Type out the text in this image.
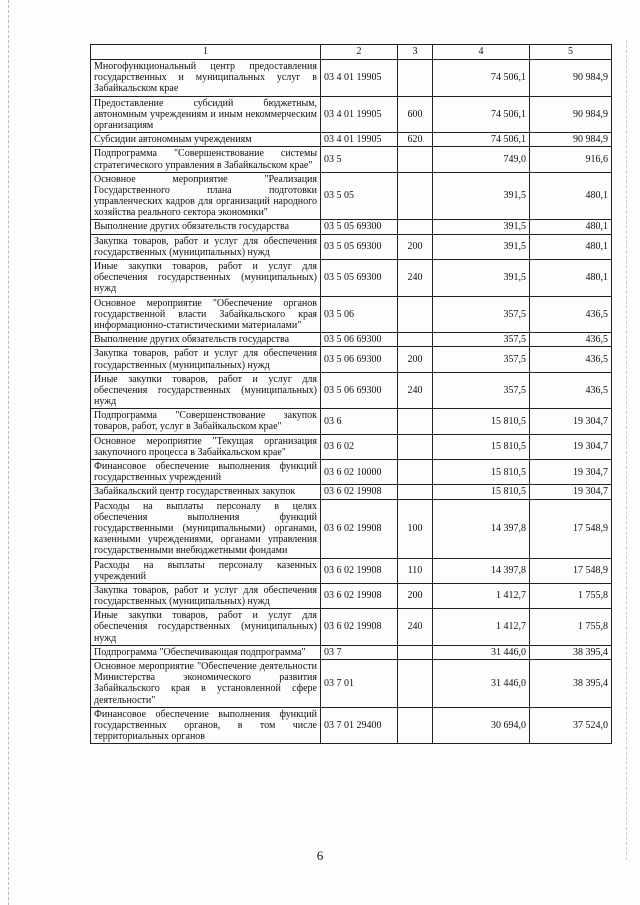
1	2	3	4	5
Многофункциональный центр предоставления государственных и муниципальных услуг в Забайкальском крае	03 4 01 19905		74 506,1	90 984,9
Предоставление субсидий бюджетным, автономным учреждениям и иным некоммерческим организациям	03 4 01 19905	600	74 506,1	90 984,9
Субсидии автономным учреждениям	03 4 01 19905	620	74 506,1	90 984,9
Подпрограмма "Совершенствование системы стратегического управления в Забайкальском крае"	03 5		749,0	916,6
Основное мероприятие "Реализация Государственного плана подготовки управленческих кадров для организаций народного хозяйства реального сектора экономики"	03 5 05		391,5	480,1
Выполнение других обязательств государства	03 5 05 69300		391,5	480,1
Закупка товаров, работ и услуг для обеспечения государственных (муниципальных) нужд	03 5 05 69300	200	391,5	480,1
Иные закупки товаров, работ и услуг для обеспечения государственных (муниципальных) нужд	03 5 05 69300	240	391,5	480,1
Основное мероприятие "Обеспечение органов государственной власти Забайкальского края информационно-статистическими материалами"	03 5 06		357,5	436,5
Выполнение других обязательств государства	03 5 06 69300		357,5	436,5
Закупка товаров, работ и услуг для обеспечения государственных (муниципальных) нужд	03 5 06 69300	200	357,5	436,5
Иные закупки товаров, работ и услуг для обеспечения государственных (муниципальных) нужд	03 5 06 69300	240	357,5	436,5
Подпрограмма "Совершенствование закупок товаров, работ, услуг в Забайкальском крае"	03 6		15 810,5	19 304,7
Основное мероприятие "Текущая организация закупочного процесса в Забайкальском крае"	03 6 02		15 810,5	19 304,7
Финансовое обеспечение выполнения функций государственных учреждений	03 6 02 10000		15 810,5	19 304,7
Забайкальский центр государственных закупок	03 6 02 19908		15 810,5	19 304,7
Расходы на выплаты персоналу в целях обеспечения выполнения функций государственными (муниципальными) органами, казенными учреждениями, органами управления государственными внебюджетными фондами	03 6 02 19908	100	14 397,8	17 548,9
Расходы на выплаты персоналу казенных учреждений	03 6 02 19908	110	14 397,8	17 548,9
Закупка товаров, работ и услуг для обеспечения государственных (муниципальных) нужд	03 6 02 19908	200	1 412,7	1 755,8
Иные закупки товаров, работ и услуг для обеспечения государственных (муниципальных) нужд	03 6 02 19908	240	1 412,7	1 755,8
Подпрограмма "Обеспечивающая подпрограмма"	03 7		31 446,0	38 395,4
Основное мероприятие "Обеспечение деятельности Министерства экономического развития Забайкальского края в установленной сфере деятельности"	03 7 01		31 446,0	38 395,4
Финансовое обеспечение выполнения функций государственных органов, в том числе территориальных органов	03 7 01 29400		30 694,0	37 524,0
6
